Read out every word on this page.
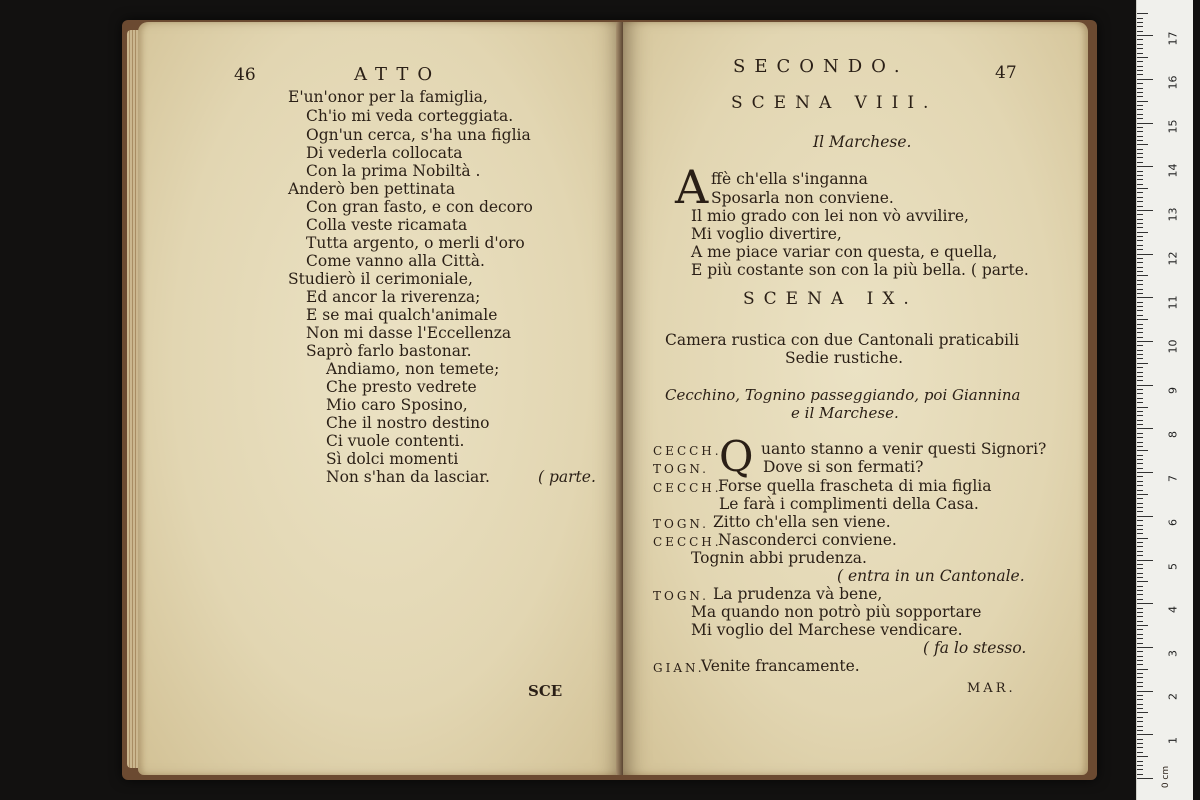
46	ATTO
E'un'onor per la famiglia,
Ch'io mi veda corteggiata.
Ogn'un cerca, s'ha una figlia
Di vederla collocata
Con la prima Nobiltà .
Anderò ben pettinata
Con gran fasto, e con decoro
Colla veste ricamata
Tutta argento, o merli d'oro
Come vanno alla Città.
Studierò il cerimoniale,
Ed ancor la riverenza;
E se mai qualch'animale
Non mi dasse l'Eccellenza
Saprò farlo bastonar.
Andiamo, non temete;
Che presto vedrete
Mio caro Sposino,
Che il nostro destino
Ci vuole contenti.
Sì dolci momenti
Non s'han da lasciar.	( parte.
SCE
SECONDO.	47
SCENA VIII.
Il Marchese.
A ffè ch'ella s'inganna
Sposarla non conviene.
Il mio grado con lei non vò avvilire,
Mi voglio divertire,
A me piace variar con questa, e quella,
E più costante son con la più bella. ( parte.
SCENA IX.
Camera rustica con due Cantonali praticabili
Sedie rustiche.
Cecchino, Tognino passeggiando, poi Giannina
e il Marchese.
Q
CECCH.	uanto stanno a venir questi Signori?
TOGN.	Dove si son fermati?
CECCH.
Forse quella frascheta di mia figlia
Le farà i complimenti della Casa.
TOGN. Zitto ch'ella sen viene.
CECCH.
Nasconderci conviene.
Tognin abbi prudenza.
( entra in un Cantonale.
TOGN. La prudenza và bene,
Ma quando non potrò più sopportare
Mi voglio del Marchese vendicare.
( fa lo stesso.
GIAN.
Venite francamente.
MAR.
0 cm
1
2
3
4
5
6
7
8
9
10
11
12
13
14
15
16
17
